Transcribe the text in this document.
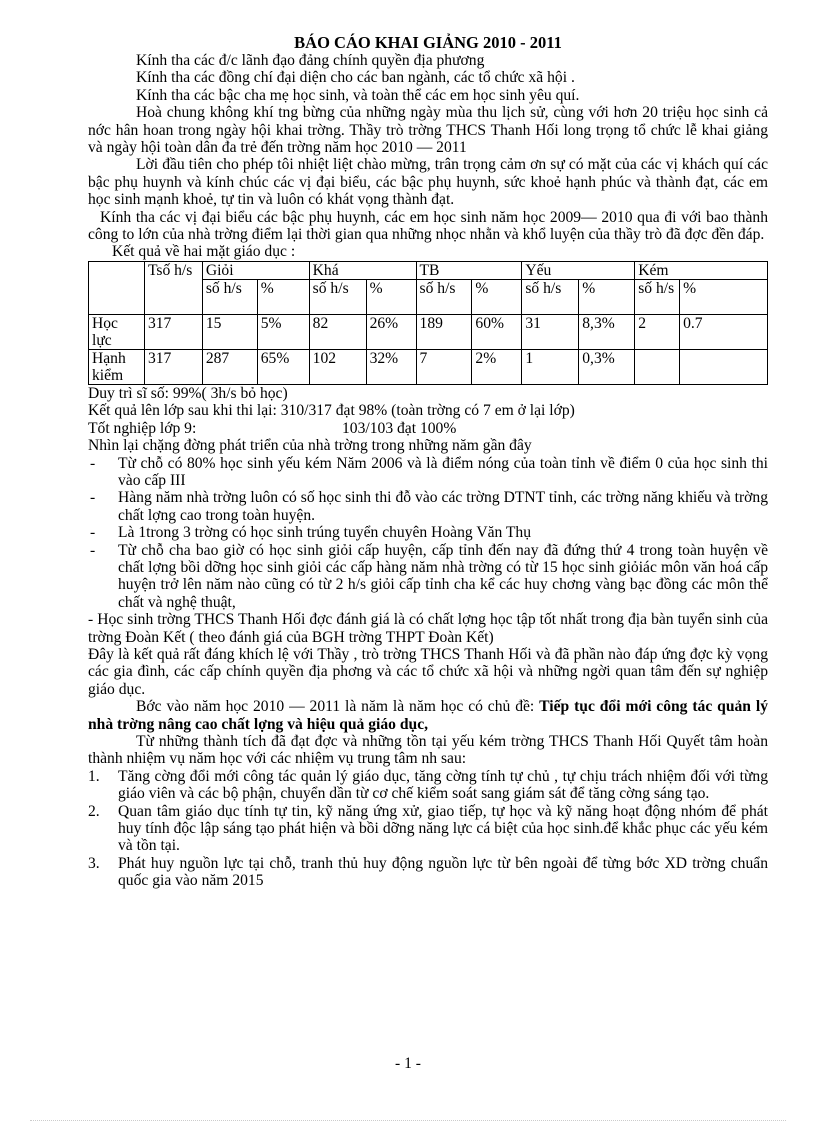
BÁO CÁO KHAI GIẢNG 2010 - 2011

Kính tha các đ/c lãnh đạo đảng chính quyền địa phương

Kính tha các đồng chí đại diện cho các ban ngành, các tổ chức xã hội .

Kính tha các bậc cha mẹ học sinh, và toàn thể các em học sinh yêu quí.

Hoà chung không khí tng bừng của những ngày mùa thu lịch sử, cùng với hơn 20 triệu học sinh cả nớc hân hoan trong ngày hội khai trờng. Thầy trò trờng THCS Thanh Hối long trọng tổ chức lễ khai giảng và ngày hội toàn dân đa trẻ đến trờng năm học 2010 — 2011

Lời đầu tiên cho phép tôi nhiệt liệt chào mừng, trân trọng cảm ơn sự có mặt của các vị khách quí các bậc phụ huynh và kính chúc các vị đại biểu, các bậc phụ huynh, sức khoẻ hạnh phúc và thành đạt, các em học sinh mạnh khoẻ, tự tin và luôn có khát vọng thành đạt.

Kính tha các vị đại biểu các bậc phụ huynh, các em học sinh năm học 2009— 2010 qua đi với bao thành công to lớn của nhà trờng điểm lại thời gian qua những nhọc nhằn và khổ luyện của thầy trò đã đợc đền đáp.

Kết quả về hai mặt giáo dục :

	Tsố h/s	Giỏi		Khá		TB		Yếu		Kém	
		số h/s	%	số h/s	%	số h/s	%	số h/s	%	số h/s	%
Học lực	317	15	5%	82	26%	189	60%	31	8,3%	2	0.7
Hạnh kiểm	317	287	65%	102	32%	7	2%	1	0,3%		

Duy trì sĩ số: 99%( 3h/s bỏ học)

Kết quả lên lớp sau khi thi lại: 310/317 đạt 98% (toàn trờng có 7 em ở lại lớp)

Tốt nghiệp lớp 9:	103/103 đạt 100%

Nhìn lại chặng đờng phát triển của nhà trờng trong những năm gần đây

- Từ chỗ có 80% học sinh yếu kém Năm 2006 và là điểm nóng của toàn tỉnh về điểm 0 của học sinh thi vào cấp III
- Hàng năm nhà trờng luôn có số học sinh thi đỗ vào các trờng DTNT tỉnh, các trờng năng khiếu và trờng chất lợng cao trong toàn huyện.
- Là 1trong 3 trờng có học sinh trúng tuyển chuyên Hoàng Văn Thụ
- Từ chỗ cha bao giờ có học sinh giỏi cấp huyện, cấp tỉnh đến nay đã đứng thứ 4 trong toàn huyện về chất lợng bồi dỡng học sinh giỏi các cấp hàng năm nhà trờng có từ 15 học sinh giỏiác môn văn hoá cấp huyện trở lên năm nào cũng có từ 2 h/s giỏi cấp tỉnh cha kể các huy chơng vàng bạc đồng các môn thể chất và nghệ thuật,

- Học sinh trờng THCS Thanh Hối đợc đánh giá là có chất lợng học tập tốt nhất trong địa bàn tuyển sinh của trờng Đoàn Kết ( theo đánh giá của BGH trờng THPT Đoàn Kết)

Đây là kết quả rất đáng khích lệ với Thầy , trò trờng THCS Thanh Hối và đã phần nào đáp ứng đợc kỳ vọng các gia đình, các cấp chính quyền địa phơng và các tổ chức xã hội và những ngời quan tâm đến sự nghiệp giáo dục.

Bớc vào năm học 2010 — 2011 là năm là năm học có chủ đề: Tiếp tục đổi mới công tác quản lý nhà trờng nâng cao chất lợng và hiệu quả giáo dục,

Từ những thành tích đã đạt đợc và những tồn tại yếu kém trờng THCS Thanh Hối Quyết tâm hoàn thành nhiệm vụ năm học với các nhiệm vụ trung tâm nh sau:

1. Tăng cờng đổi mới công tác quản lý giáo dục, tăng cờng tính tự chủ , tự chịu trách nhiệm đối với từng giáo viên và các bộ phận, chuyển dần từ cơ chế kiểm soát sang giám sát để tăng cờng sáng tạo.
2. Quan tâm giáo dục tính tự tin, kỹ năng ứng xử, giao tiếp, tự học và kỹ năng hoạt động nhóm để phát huy tính độc lập sáng tạo phát hiện và bồi dỡng năng lực cá biệt của học sinh.để khắc phục các yếu kém và tồn tại.
3. Phát huy nguồn lực tại chỗ, tranh thủ huy động nguồn lực từ bên ngoài để từng bớc XD trờng chuẩn quốc gia vào năm 2015
- 1 -
